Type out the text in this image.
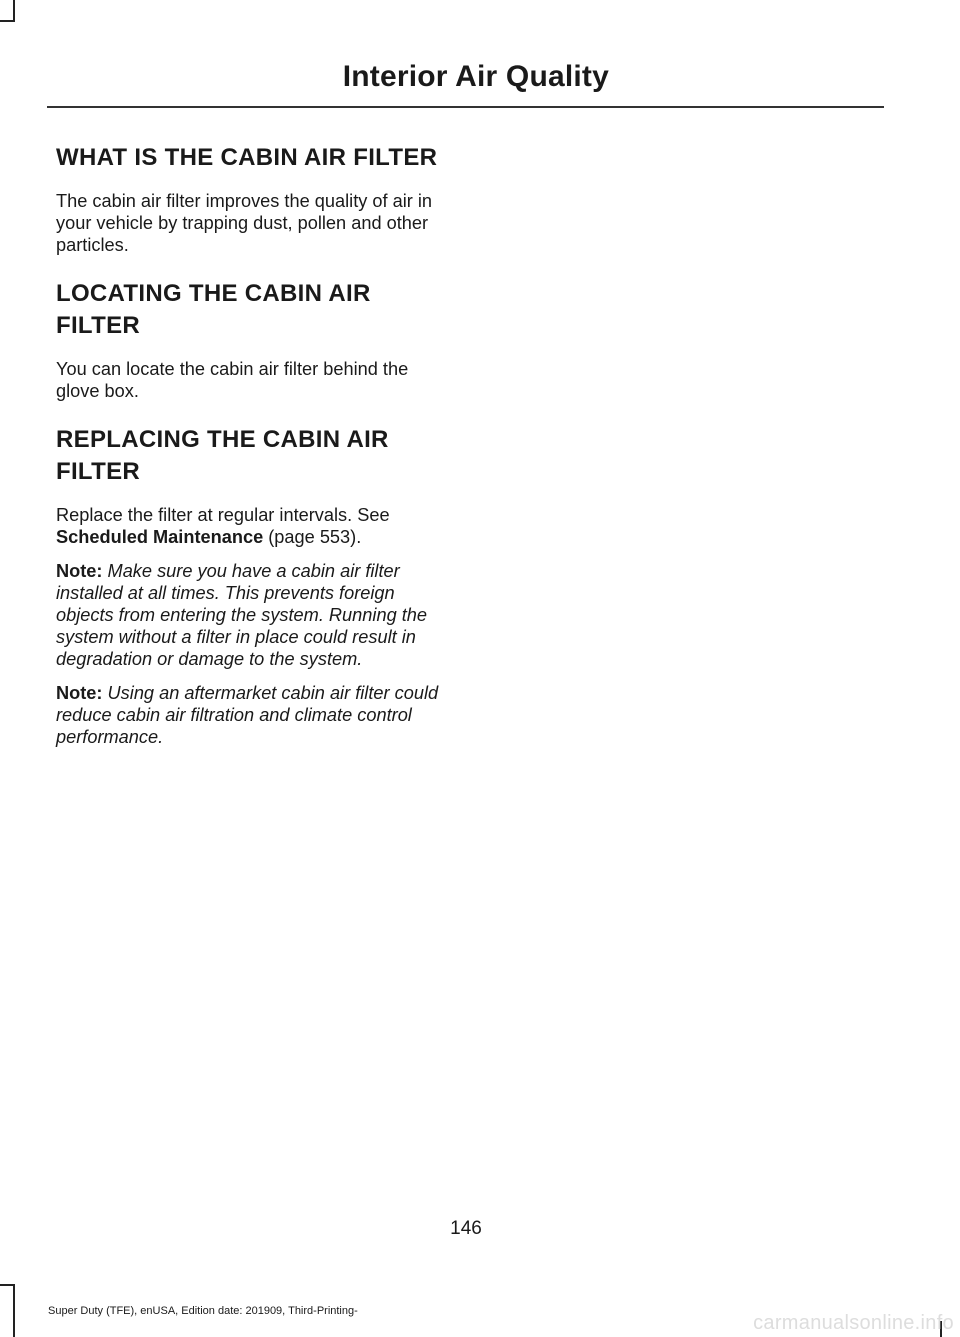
Interior Air Quality
WHAT IS THE CABIN AIR FILTER

The cabin air filter improves the quality of air in your vehicle by trapping dust, pollen and other particles.

LOCATING THE CABIN AIR FILTER

You can locate the cabin air filter behind the glove box.

REPLACING THE CABIN AIR FILTER

Replace the filter at regular intervals. See Scheduled Maintenance (page 553).

Note: Make sure you have a cabin air filter installed at all times. This prevents foreign objects from entering the system. Running the system without a filter in place could result in degradation or damage to the system.

Note: Using an aftermarket cabin air filter could reduce cabin air filtration and climate control performance.

146
Super Duty (TFE), enUSA, Edition date: 201909, Third-Printing-
carmanualsonline.info
